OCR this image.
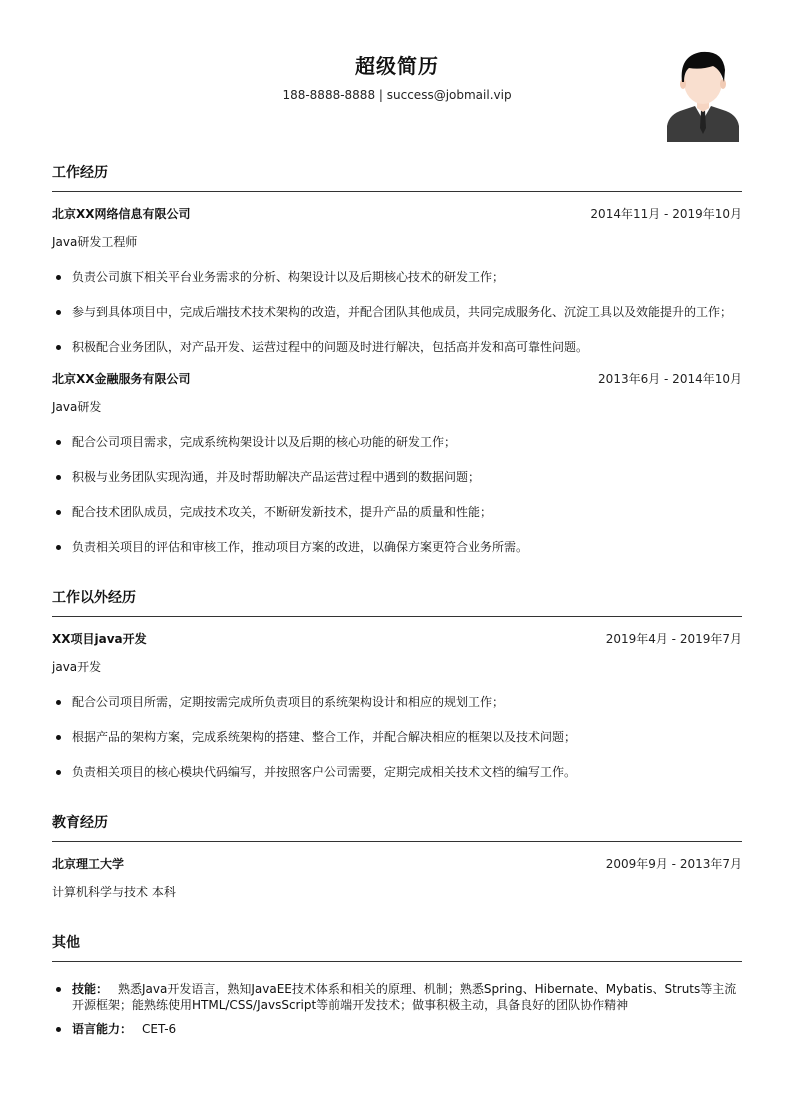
超级简历
188-8888-8888 | success@jobmail.vip
工作经历
北京XX网络信息有限公司	2014年11月 - 2019年10月
Java研发工程师
负责公司旗下相关平台业务需求的分析、构架设计以及后期核心技术的研发工作；
参与到具体项目中，完成后端技术技术架构的改造，并配合团队其他成员，共同完成服务化、沉淀工具以及效能提升的工作；
积极配合业务团队，对产品开发、运营过程中的问题及时进行解决，包括高并发和高可靠性问题。
北京XX金融服务有限公司	2013年6月 - 2014年10月
Java研发
配合公司项目需求，完成系统构架设计以及后期的核心功能的研发工作；
积极与业务团队实现沟通，并及时帮助解决产品运营过程中遇到的数据问题；
配合技术团队成员，完成技术攻关，不断研发新技术，提升产品的质量和性能；
负责相关项目的评估和审核工作，推动项目方案的改进，以确保方案更符合业务所需。
工作以外经历
XX项目java开发	2019年4月 - 2019年7月
java开发
配合公司项目所需，定期按需完成所负责项目的系统架构设计和相应的规划工作；
根据产品的架构方案，完成系统架构的搭建、整合工作，并配合解决相应的框架以及技术问题；
负责相关项目的核心模块代码编写，并按照客户公司需要，定期完成相关技术文档的编写工作。
教育经历
北京理工大学	2009年9月 - 2013年7月
计算机科学与技术 本科
其他
技能： 熟悉Java开发语言，熟知JavaEE技术体系和相关的原理、机制；熟悉Spring、Hibernate、Mybatis、Struts等主流开源框架；能熟练使用HTML/CSS/JavsScript等前端开发技术；做事积极主动，具备良好的团队协作精神
语言能力： CET-6
